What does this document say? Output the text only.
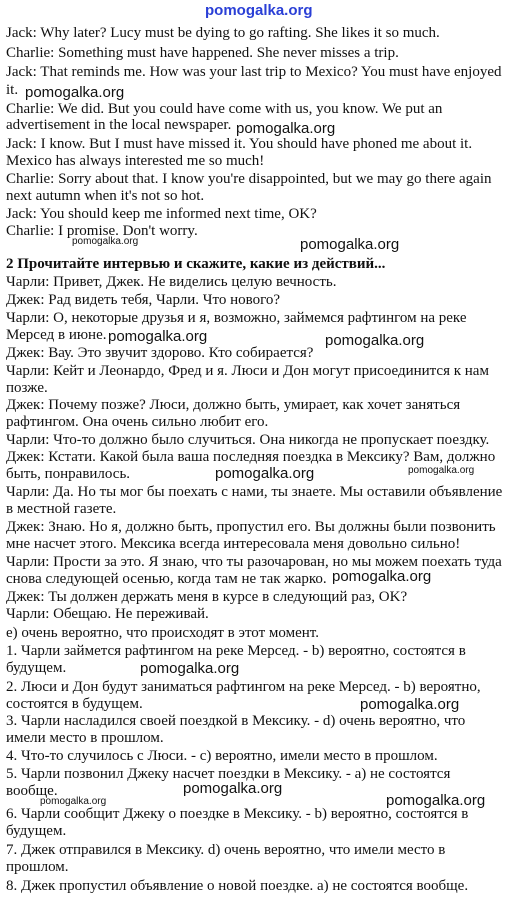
pomogalka.org
Jack: Why later? Lucy must be dying to go rafting. She likes it so much.
Charlie: Something must have happened. She never misses a trip.
Jack: That reminds me. How was your last trip to Mexico? You must have enjoyed
it. pomogalka.org
Charlie: We did. But you could have come with us, you know. We put an
advertisement in the local newspaper. pomogalka.org
Jack: I know. But I must have missed it. You should have phoned me about it.
Mexico has always interested me so much!
Charlie: Sorry about that. I know you're disappointed, but we may go there again
next autumn when it's not so hot.
Jack: You should keep me informed next time, OK?
Charlie: I promise. Don't worry.
pomogalka.org	pomogalka.org
2 Прочитайте интервью и скажите, какие из действий...
Чарли: Привет, Джек. Не виделись целую вечность.
Джек: Рад видеть тебя, Чарли. Что нового?
Чарли: О, некоторые друзья и я, возможно, займемся рафтингом на реке
Мерсед в июне. pomogalka.org	pomogalka.org
Джек: Вау. Это звучит здорово. Кто собирается?
Чарли: Кейт и Леонардо, Фред и я. Люси и Дон могут присоединится к нам
позже.
Джек: Почему позже? Люси, должно быть, умирает, как хочет заняться
рафтингом. Она очень сильно любит его.
Чарли: Что-то должно было случиться. Она никогда не пропускает поездку.
Джек: Кстати. Какой была ваша последняя поездка в Мексику? Вам, должно
быть, понравилось.	pomogalka.org	pomogalka.org
Чарли: Да. Но ты мог бы поехать с нами, ты знаете. Мы оставили объявление
в местной газете.
Джек: Знаю. Но я, должно быть, пропустил его. Вы должны были позвонить
мне насчет этого. Мексика всегда интересовала меня довольно сильно!
Чарли: Прости за это. Я знаю, что ты разочарован, но мы можем поехать туда
снова следующей осенью, когда там не так жарко. pomogalka.org
Джек: Ты должен держать меня в курсе в следующий раз, OK?
Чарли: Обещаю. Не переживай.
e) очень вероятно, что происходят в этот момент.
1. Чарли займется рафтингом на реке Мерсед. - b) вероятно, состоятся в
будущем.	pomogalka.org
2. Люси и Дон будут заниматься рафтингом на реке Мерсед. - b) вероятно,
состоятся в будущем.	pomogalka.org
3. Чарли насладился своей поездкой в Мексику. - d) очень вероятно, что
имели место в прошлом.
4. Что-то случилось с Люси. - c) вероятно, имели место в прошлом.
5. Чарли позвонил Джеку насчет поездки в Мексику. - a) не состоятся
вообще.	pomogalka.org
pomogalka.org	pomogalka.org
6. Чарли сообщит Джеку о поездке в Мексику. - b) вероятно, состоятся в
будущем.
7. Джек отправился в Мексику. d) очень вероятно, что имели место в
прошлом.
8. Джек пропустил объявление о новой поездке. a) не состоятся вообще.
